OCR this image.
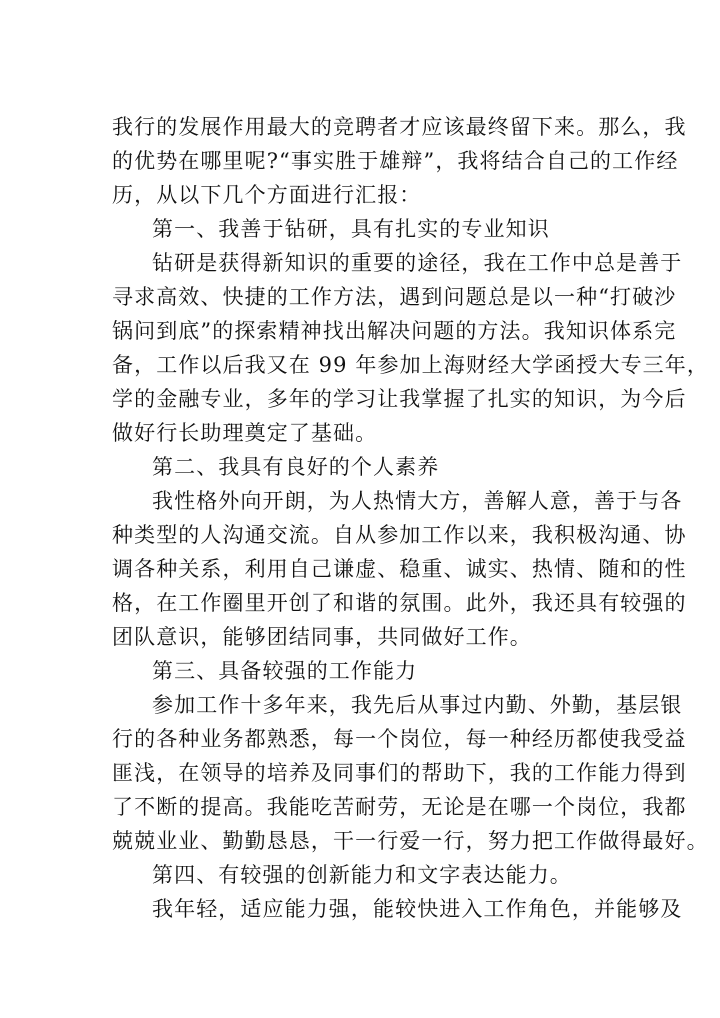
我行的发展作用最大的竞聘者才应该最终留下来。那么，我
的优势在哪里呢?“事实胜于雄辩”，我将结合自己的工作经
历，从以下几个方面进行汇报：
第一、我善于钻研，具有扎实的专业知识
钻研是获得新知识的重要的途径，我在工作中总是善于
寻求高效、快捷的工作方法，遇到问题总是以一种“打破沙
锅问到底”的探索精神找出解决问题的方法。我知识体系完
备，工作以后我又在 99 年参加上海财经大学函授大专三年，
学的金融专业，多年的学习让我掌握了扎实的知识，为今后
做好行长助理奠定了基础。
第二、我具有良好的个人素养
我性格外向开朗，为人热情大方，善解人意，善于与各
种类型的人沟通交流。自从参加工作以来，我积极沟通、协
调各种关系，利用自己谦虚、稳重、诚实、热情、随和的性
格，在工作圈里开创了和谐的氛围。此外，我还具有较强的
团队意识，能够团结同事，共同做好工作。
第三、具备较强的工作能力
参加工作十多年来，我先后从事过内勤、外勤，基层银
行的各种业务都熟悉，每一个岗位，每一种经历都使我受益
匪浅，在领导的培养及同事们的帮助下，我的工作能力得到
了不断的提高。我能吃苦耐劳，无论是在哪一个岗位，我都
兢兢业业、勤勤恳恳，干一行爱一行，努力把工作做得最好。
第四、有较强的创新能力和文字表达能力。
我年轻，适应能力强，能较快进入工作角色，并能够及
